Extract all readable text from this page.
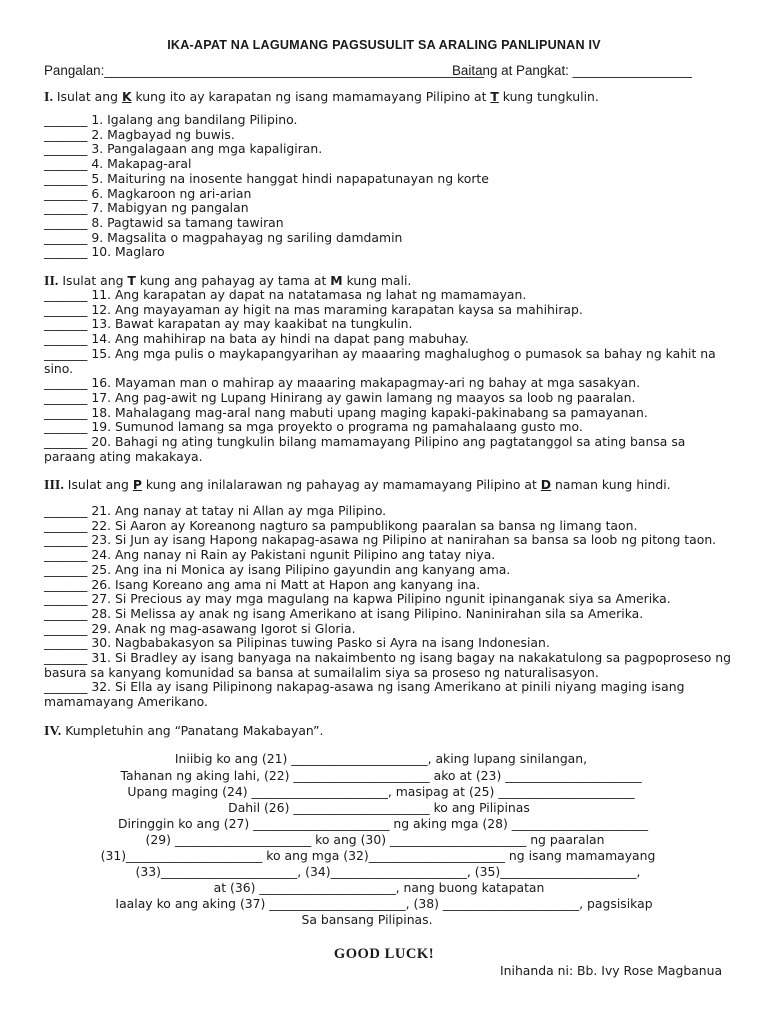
IKA-APAT NA LAGUMANG PAGSUSULIT SA ARALING PANLIPUNAN IV
Pangalan:___________________________________________________
Baitang at Pangkat: ________________
I. Isulat ang K kung ito ay karapatan ng isang mamamayang Pilipino at T kung tungkulin.
_______ 1. Igalang ang bandilang Pilipino.
_______ 2. Magbayad ng buwis.
_______ 3. Pangalagaan ang mga kapaligiran.
_______ 4. Makapag-aral
_______ 5. Maituring na inosente hanggat hindi napapatunayan ng korte
_______ 6. Magkaroon ng ari-arian
_______ 7. Mabigyan ng pangalan
_______ 8. Pagtawid sa tamang tawiran
_______ 9. Magsalita o magpahayag ng sariling damdamin
_______ 10. Maglaro
II. Isulat ang T kung ang pahayag ay tama at M kung mali.
_______ 11. Ang karapatan ay dapat na natatamasa ng lahat ng mamamayan.
_______ 12. Ang mayayaman ay higit na mas maraming karapatan kaysa sa mahihirap.
_______ 13. Bawat karapatan ay may kaakibat na tungkulin.
_______ 14. Ang mahihirap na bata ay hindi na dapat pang mabuhay.
_______ 15. Ang mga pulis o maykapangyarihan ay maaaring maghalughog o pumasok sa bahay ng kahit na
sino.
_______ 16. Mayaman man o mahirap ay maaaring makapagmay-ari ng bahay at mga sasakyan.
_______ 17. Ang pag-awit ng Lupang Hinirang ay gawin lamang ng maayos sa loob ng paaralan.
_______ 18. Mahalagang mag-aral nang mabuti upang maging kapaki-pakinabang sa pamayanan.
_______ 19. Sumunod lamang sa mga proyekto o programa ng pamahalaang gusto mo.
_______ 20. Bahagi ng ating tungkulin bilang mamamayang Pilipino ang pagtatanggol sa ating bansa sa
paraang ating makakaya.
III. Isulat ang P kung ang inilalarawan ng pahayag ay mamamayang Pilipino at D naman kung hindi.
_______ 21. Ang nanay at tatay ni Allan ay mga Pilipino.
_______ 22. Si Aaron ay Koreanong nagturo sa pampublikong paaralan sa bansa ng limang taon.
_______ 23. Si Jun ay isang Hapong nakapag-asawa ng Pilipino at nanirahan sa bansa sa loob ng pitong taon.
_______ 24. Ang nanay ni Rain ay Pakistani ngunit Pilipino ang tatay niya.
_______ 25. Ang ina ni Monica ay isang Pilipino gayundin ang kanyang ama.
_______ 26. Isang Koreano ang ama ni Matt at Hapon ang kanyang ina.
_______ 27. Si Precious ay may mga magulang na kapwa Pilipino ngunit ipinanganak siya sa Amerika.
_______ 28. Si Melissa ay anak ng isang Amerikano at isang Pilipino. Naninirahan sila sa Amerika.
_______ 29. Anak ng mag-asawang Igorot si Gloria.
_______ 30. Nagbabakasyon sa Pilipinas tuwing Pasko si Ayra na isang Indonesian.
_______ 31. Si Bradley ay isang banyaga na nakaimbento ng isang bagay na nakakatulong sa pagpoproseso ng
basura sa kanyang komunidad sa bansa at sumailalim siya sa proseso ng naturalisasyon.
_______ 32. Si Ella ay isang Pilipinong nakapag-asawa ng isang Amerikano at pinili niyang maging isang
mamamayang Amerikano.
IV. Kumpletuhin ang “Panatang Makabayan”.
Iniibig ko ang (21) ______________________, aking lupang sinilangan,
Tahanan ng aking lahi, (22) ______________________ ako at (23) ______________________
Upang maging (24) ______________________, masipag at (25) ______________________
Dahil (26) ______________________ ko ang Pilipinas
Diringgin ko ang (27) ______________________ ng aking mga (28) ______________________
(29) ______________________ ko ang (30) ______________________ ng paaralan
(31)______________________ ko ang mga (32)______________________ ng isang mamamayang
(33)______________________, (34)______________________, (35)______________________,
at (36) ______________________, nang buong katapatan
Iaalay ko ang aking (37) ______________________, (38) ______________________, pagsisikap
Sa bansang Pilipinas.
GOOD LUCK!
Inihanda ni: Bb. Ivy Rose Magbanua
